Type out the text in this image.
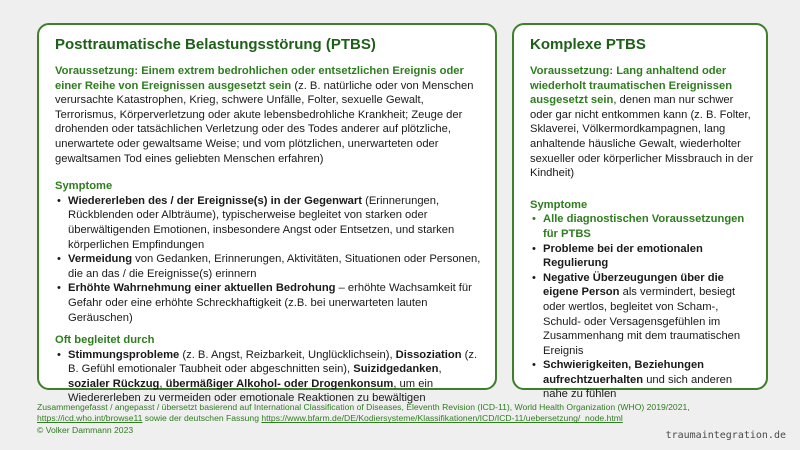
Posttraumatische Belastungsstörung (PTBS)
Voraussetzung: Einem extrem bedrohlichen oder entsetzlichen Ereignis oder einer Reihe von Ereignissen ausgesetzt sein (z. B. natürliche oder von Menschen verursachte Katastrophen, Krieg, schwere Unfälle, Folter, sexuelle Gewalt, Terrorismus, Körperverletzung oder akute lebensbedrohliche Krankheit; Zeuge der drohenden oder tatsächlichen Verletzung oder des Todes anderer auf plötzliche, unerwartete oder gewaltsame Weise; und vom plötzlichen, unerwarteten oder gewaltsamen Tod eines geliebten Menschen erfahren)
Symptome
• Wiedererleben des / der Ereignisse(s) in der Gegenwart (Erinnerungen, Rückblenden oder Albträume), typischerweise begleitet von starken oder überwältigenden Emotionen, insbesondere Angst oder Entsetzen, und starken körperlichen Empfindungen
• Vermeidung von Gedanken, Erinnerungen, Aktivitäten, Situationen oder Personen, die an das / die Ereignisse(s) erinnern
• Erhöhte Wahrnehmung einer aktuellen Bedrohung – erhöhte Wachsamkeit für Gefahr oder eine erhöhte Schreckhaftigkeit (z.B. bei unerwarteten lauten Geräuschen)
Oft begleitet durch
• Stimmungsprobleme (z. B. Angst, Reizbarkeit, Unglücklichsein), Dissoziation (z. B. Gefühl emotionaler Taubheit oder abgeschnitten sein), Suizidgedanken, sozialer Rückzug, übermäßiger Alkohol- oder Drogenkonsum, um ein Wiedererleben zu vermeiden oder emotionale Reaktionen zu bewältigen
Komplexe PTBS
Voraussetzung: Lang anhaltend oder wiederholt traumatischen Ereignissen ausgesetzt sein, denen man nur schwer oder gar nicht entkommen kann (z. B. Folter, Sklaverei, Völkermordkampagnen, lang anhaltende häusliche Gewalt, wiederholter sexueller oder körperlicher Missbrauch in der Kindheit)
Symptome
• Alle diagnostischen Voraussetzungen für PTBS
• Probleme bei der emotionalen Regulierung
• Negative Überzeugungen über die eigene Person als vermindert, besiegt oder wertlos, begleitet von Scham-, Schuld- oder Versagensgefühlen im Zusammenhang mit dem traumatischen Ereignis
• Schwierigkeiten, Beziehungen aufrechtzuerhalten und sich anderen nahe zu fühlen
Zusammengefasst / angepasst / übersetzt basierend auf International Classification of Diseases, Eleventh Revision (ICD-11), World Health Organization (WHO) 2019/2021,
https://icd.who.int/browse11 sowie der deutschen Fassung https://www.bfarm.de/DE/Kodiersysteme/Klassifikationen/ICD/ICD-11/uebersetzung/_node.html
© Volker Dammann 2023
traumaintegration.de
